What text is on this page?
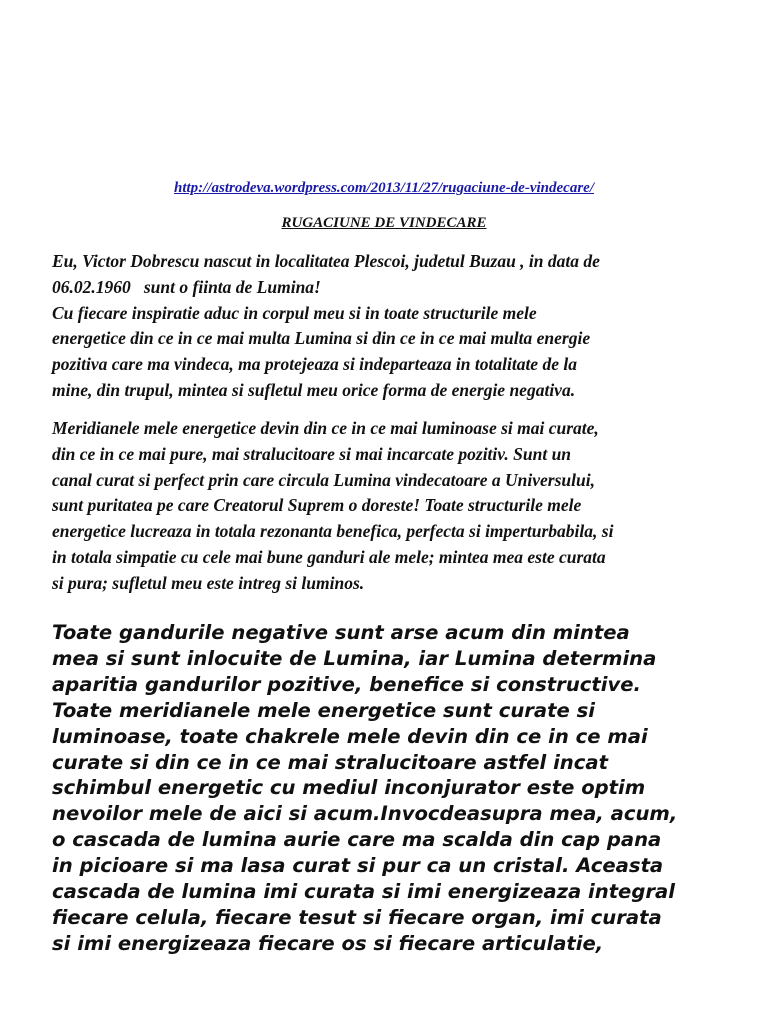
http://astrodeva.wordpress.com/2013/11/27/rugaciune-de-vindecare/
RUGACIUNE DE VINDECARE

Eu, Victor Dobrescu nascut in localitatea Plescoi, judetul Buzau , in data de
06.02.1960   sunt o fiinta de Lumina!
Cu fiecare inspiratie aduc in corpul meu si in toate structurile mele
energetice din ce in ce mai multa Lumina si din ce in ce mai multa energie
pozitiva care ma vindeca, ma protejeaza si indeparteaza in totalitate de la
mine, din trupul, mintea si sufletul meu orice forma de energie negativa.

Meridianele mele energetice devin din ce in ce mai luminoase si mai curate,
din ce in ce mai pure, mai stralucitoare si mai incarcate pozitiv. Sunt un
canal curat si perfect prin care circula Lumina vindecatoare a Universului,
sunt puritatea pe care Creatorul Suprem o doreste! Toate structurile mele
energetice lucreaza in totala rezonanta benefica, perfecta si imperturbabila, si
in totala simpatie cu cele mai bune ganduri ale mele; mintea mea este curata
si pura; sufletul meu este intreg si luminos.

Toate gandurile negative sunt arse acum din mintea
mea si sunt inlocuite de Lumina, iar Lumina determina
aparitia gandurilor pozitive, benefice si constructive.
Toate meridianele mele energetice sunt curate si
luminoase, toate chakrele mele devin din ce in ce mai
curate si din ce in ce mai stralucitoare astfel incat
schimbul energetic cu mediul inconjurator este optim
nevoilor mele de aici si acum.Invocdeasupra mea, acum,
o cascada de lumina aurie care ma scalda din cap pana
in picioare si ma lasa curat si pur ca un cristal. Aceasta
cascada de lumina imi curata si imi energizeaza integral
fiecare celula, fiecare tesut si fiecare organ, imi curata
si imi energizeaza fiecare os si fiecare articulatie,
